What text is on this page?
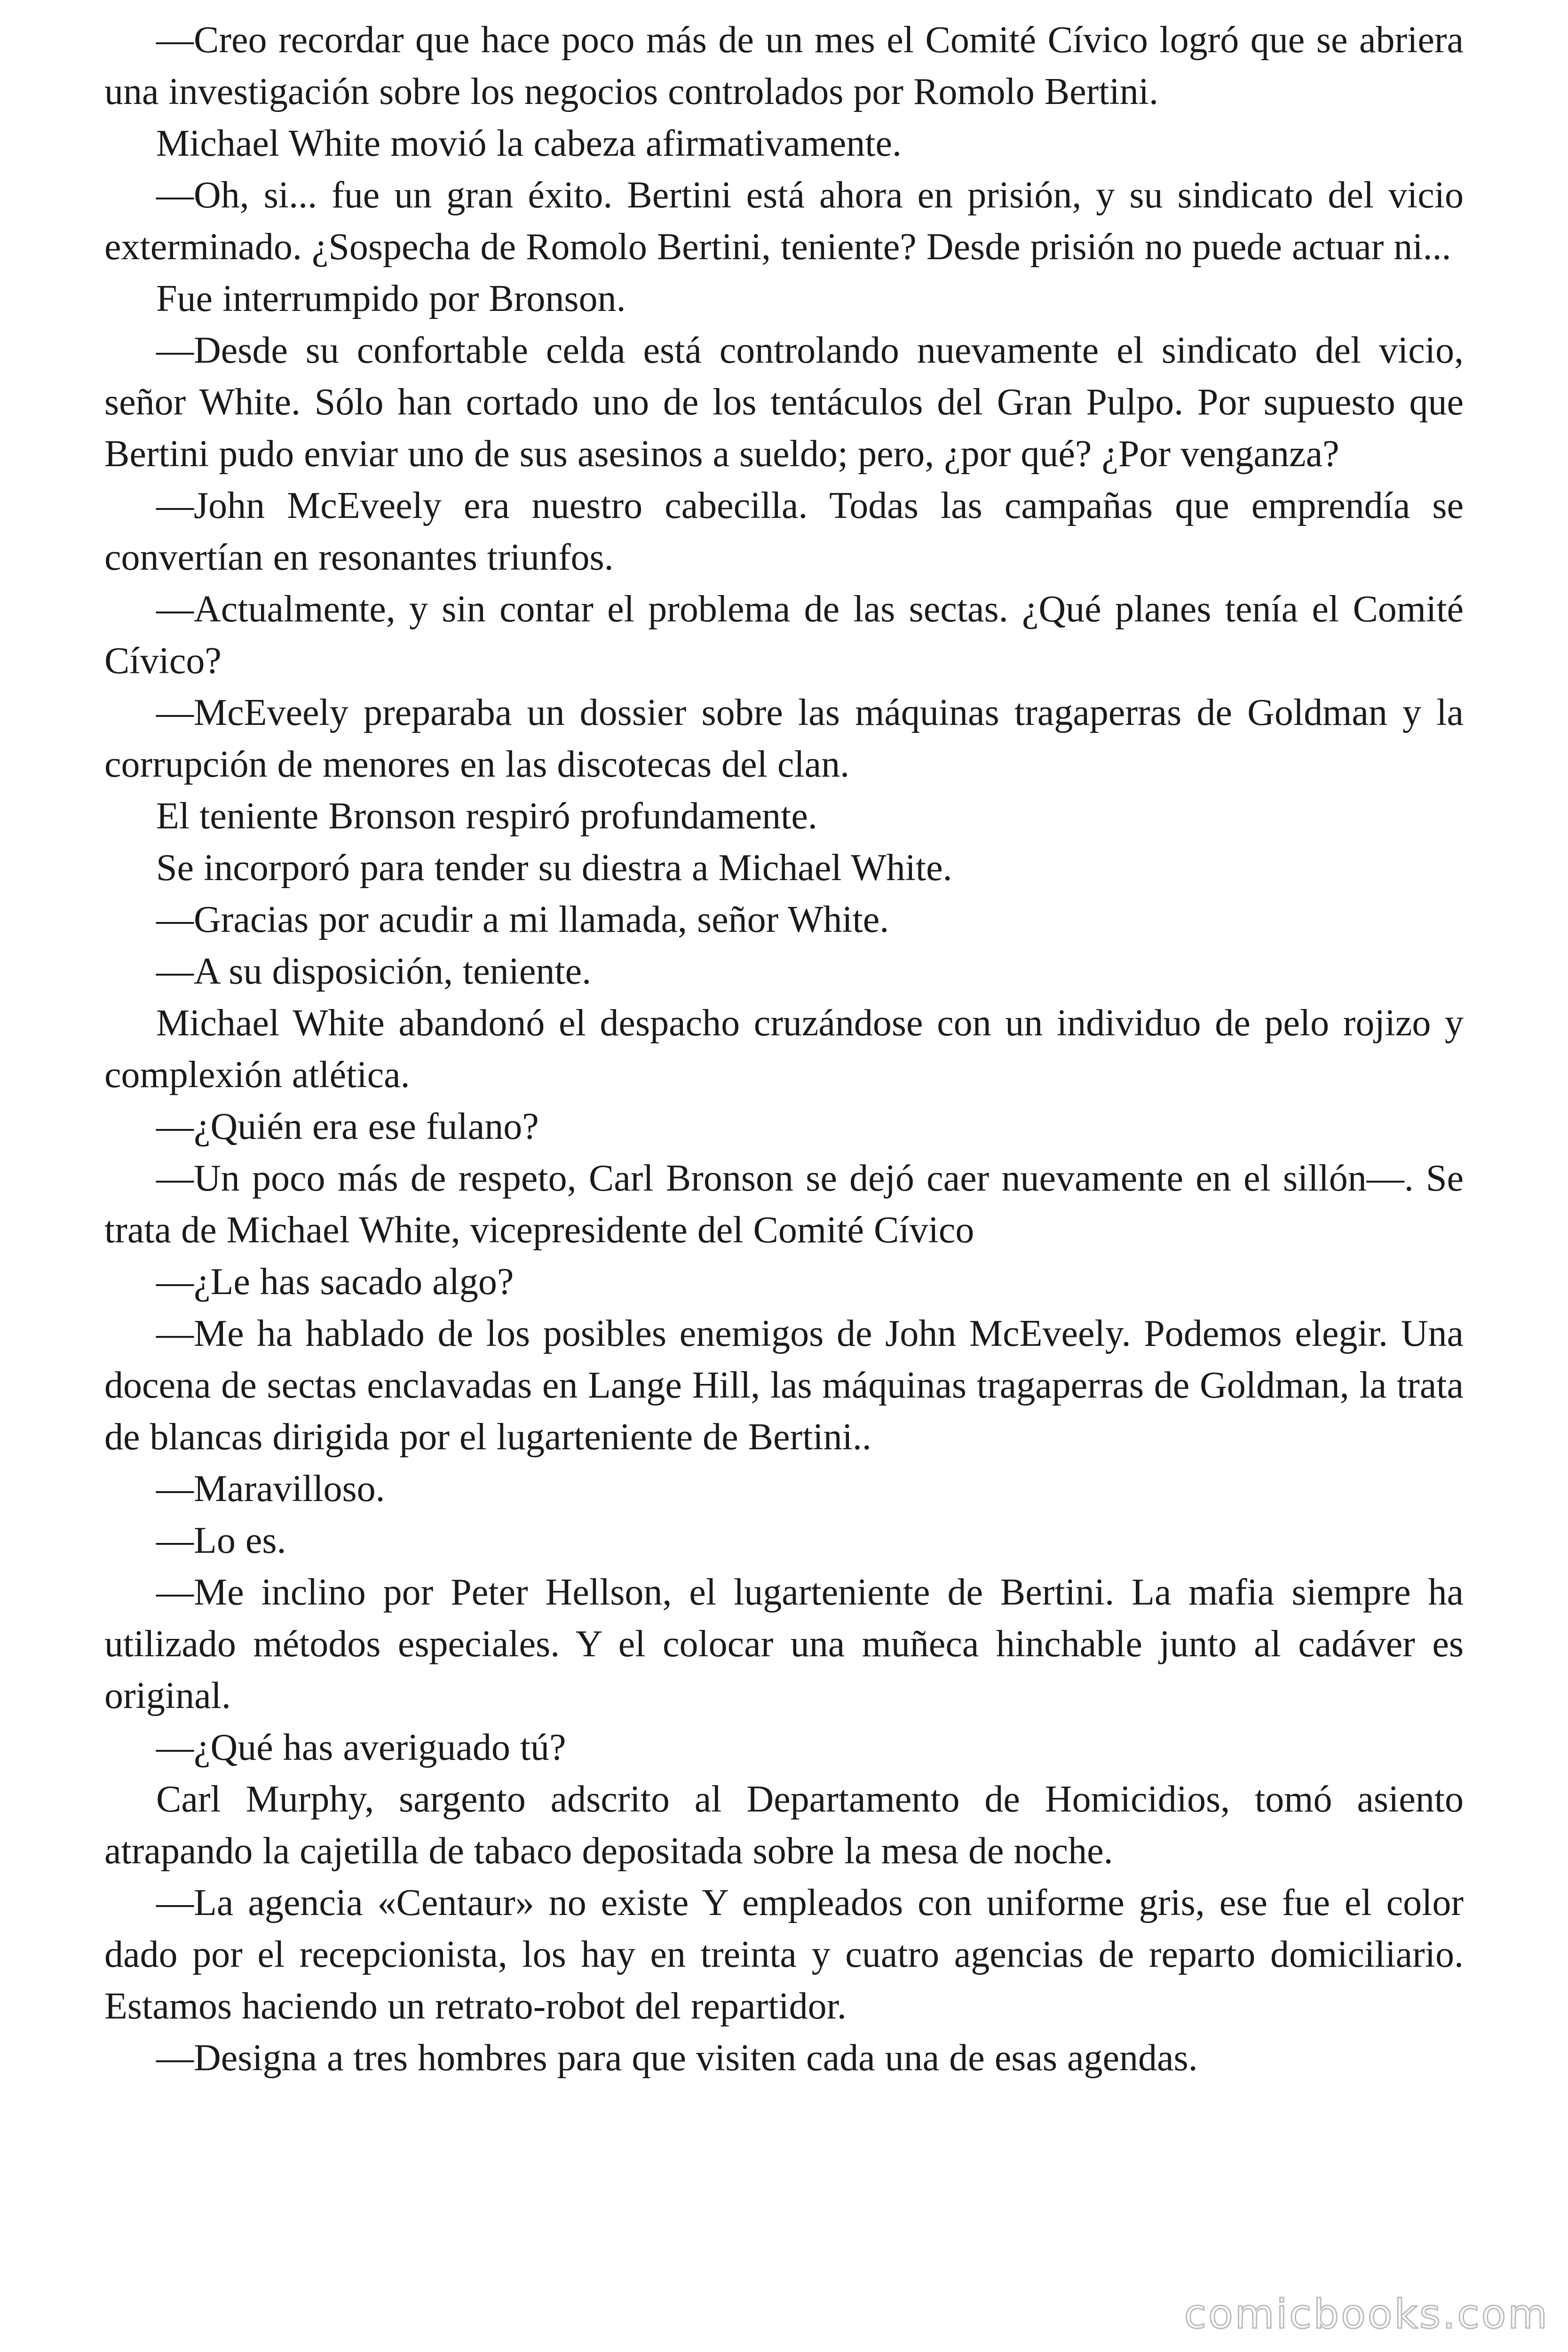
—Creo recordar que hace poco más de un mes el Comité Cívico logró que se abriera una investigación sobre los negocios controlados por Romolo Bertini.

Michael White movió la cabeza afirmativamente.

—Oh, si... fue un gran éxito. Bertini está ahora en prisión, y su sindicato del vicio exterminado. ¿Sospecha de Romolo Bertini, teniente? Desde prisión no puede actuar ni...

Fue interrumpido por Bronson.

—Desde su confortable celda está controlando nuevamente el sindicato del vicio, señor White. Sólo han cortado uno de los tentáculos del Gran Pulpo. Por supuesto que Bertini pudo enviar uno de sus asesinos a sueldo; pero, ¿por qué? ¿Por venganza?

—John McEveely era nuestro cabecilla. Todas las campañas que emprendía se convertían en resonantes triunfos.

—Actualmente, y sin contar el problema de las sectas. ¿Qué planes tenía el Comité Cívico?

—McEveely preparaba un dossier sobre las máquinas tragaperras de Goldman y la corrupción de menores en las discotecas del clan.

El teniente Bronson respiró profundamente.

Se incorporó para tender su diestra a Michael White.

—Gracias por acudir a mi llamada, señor White.

—A su disposición, teniente.

Michael White abandonó el despacho cruzándose con un individuo de pelo rojizo y complexión atlética.

—¿Quién era ese fulano?

—Un poco más de respeto, Carl Bronson se dejó caer nuevamente en el sillón—. Se trata de Michael White, vicepresidente del Comité Cívico

—¿Le has sacado algo?

—Me ha hablado de los posibles enemigos de John McEveely. Podemos elegir. Una docena de sectas enclavadas en Lange Hill, las máquinas tragaperras de Goldman, la trata de blancas dirigida por el lugarteniente de Bertini..

—Maravilloso.

—Lo es.

—Me inclino por Peter Hellson, el lugarteniente de Bertini. La mafia siempre ha utilizado métodos especiales. Y el colocar una muñeca hinchable junto al cadáver es original.

—¿Qué has averiguado tú?

Carl Murphy, sargento adscrito al Departamento de Homicidios, tomó asiento atrapando la cajetilla de tabaco depositada sobre la mesa de noche.

—La agencia «Centaur» no existe Y empleados con uniforme gris, ese fue el color dado por el recepcionista, los hay en treinta y cuatro agencias de reparto domiciliario. Estamos haciendo un retrato-robot del repartidor.

—Designa a tres hombres para que visiten cada una de esas agendas.

comicbooks.com
